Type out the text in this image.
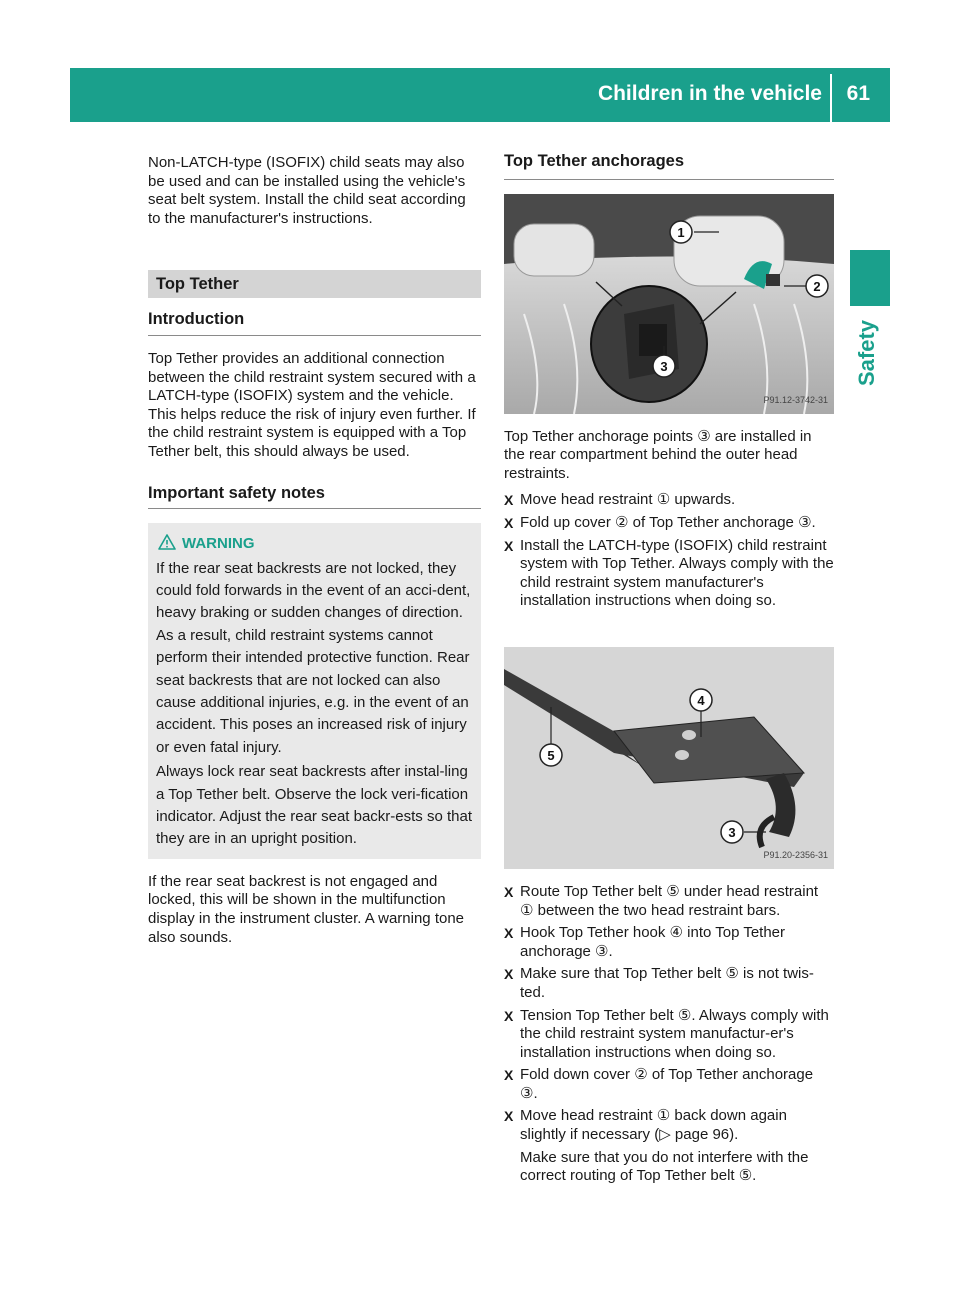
Children in the vehicle 61
Safety

Non-LATCH-type (ISOFIX) child seats may also be used and can be installed using the vehicle's seat belt system. Install the child seat according to the manufacturer's instructions.

Top Tether
Introduction

Top Tether provides an additional connection between the child restraint system secured with a LATCH-type (ISOFIX) system and the vehicle. This helps reduce the risk of injury even further. If the child restraint system is equipped with a Top Tether belt, this should always be used.

Important safety notes
WARNING

If the rear seat backrests are not locked, they could fold forwards in the event of an acci-dent, heavy braking or sudden changes of direction. As a result, child restraint systems cannot perform their intended protective function. Rear seat backrests that are not locked can also cause additional injuries, e.g. in the event of an accident. This poses an increased risk of injury or even fatal injury.

Always lock rear seat backrests after instal-ling a Top Tether belt. Observe the lock veri-fication indicator. Adjust the rear seat backr-ests so that they are in an upright position.

If the rear seat backrest is not engaged and locked, this will be shown in the multifunction display in the instrument cluster. A warning tone also sounds.

Top Tether anchorages
1
2
3
P91.12-3742-31

Top Tether anchorage points ③ are installed in the rear compartment behind the outer head restraints.

X Move head restraint ① upwards.
X Fold up cover ② of Top Tether anchorage ③.
X Install the LATCH-type (ISOFIX) child restraint system with Top Tether. Always comply with the child restraint system manufacturer's installation instructions when doing so.
4
5
3
P91.20-2356-31
X Route Top Tether belt ⑤ under head restraint ① between the two head restraint bars.
X Hook Top Tether hook ④ into Top Tether anchorage ③.
X Make sure that Top Tether belt ⑤ is not twis-ted.
X Tension Top Tether belt ⑤. Always comply with the child restraint system manufactur-er's installation instructions when doing so.
X Fold down cover ② of Top Tether anchorage ③.
X Move head restraint ① back down again slightly if necessary (▷ page 96).

Make sure that you do not interfere with the correct routing of Top Tether belt ⑤.
